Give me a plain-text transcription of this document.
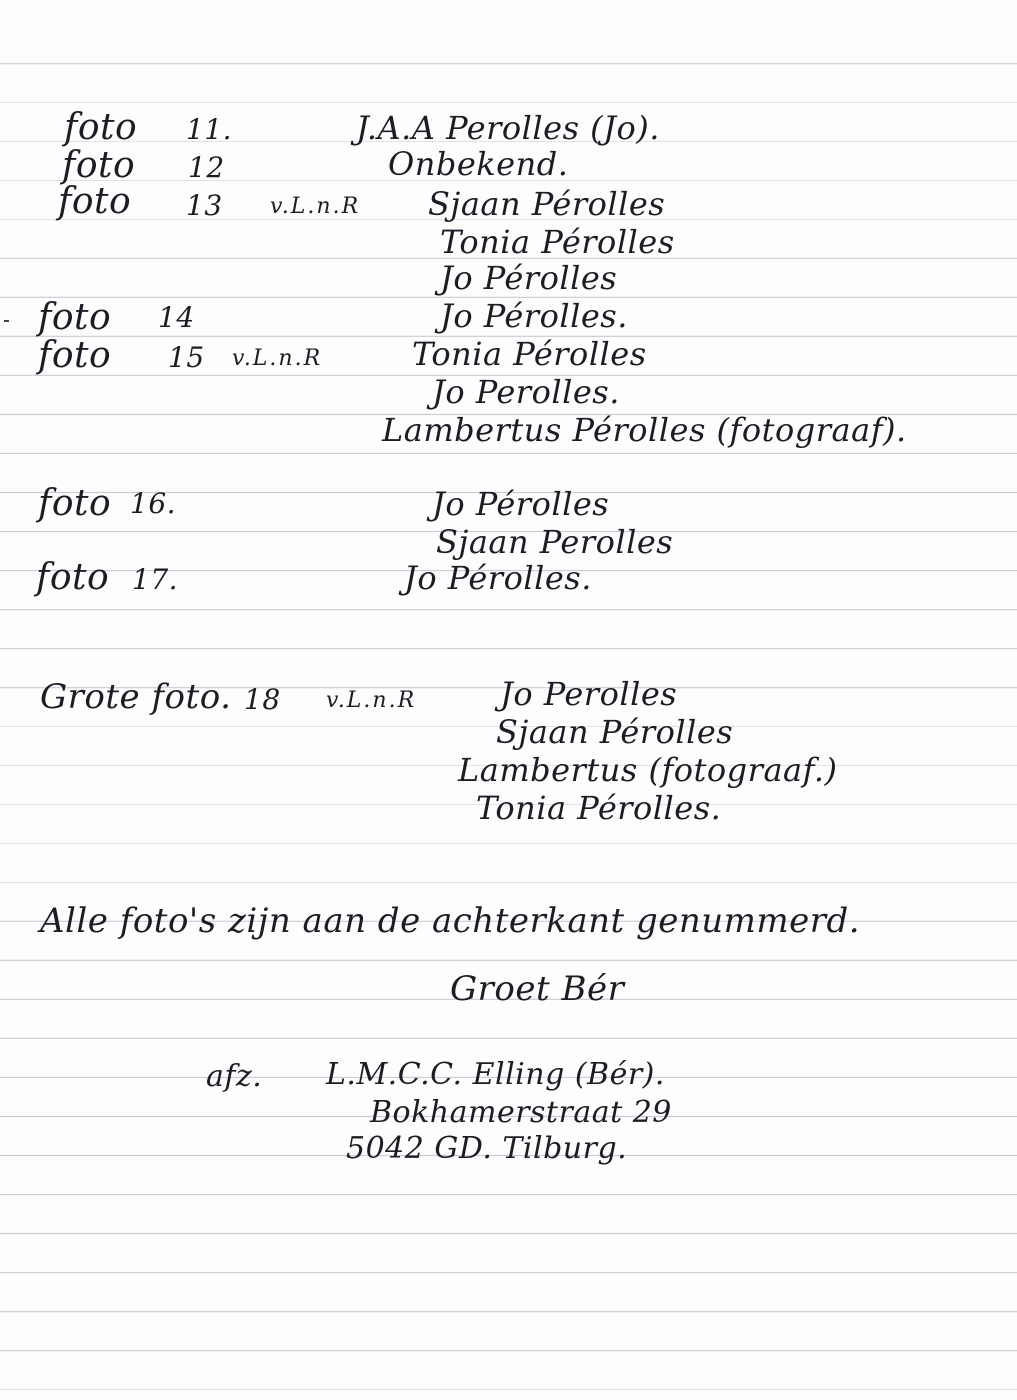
foto 11.	J.A.A Perolles (Jo).
foto 12	Onbekend.
foto 13 v.L.n.R Sjaan Pérolles
Tonia Pérolles
Jo Pérolles
foto 14	Jo Pérolles.
foto 15 v.L.n.R	Tonia Pérolles
Jo Perolles.
Lambertus Pérolles (fotograaf).
foto 16.	Jo Pérolles
Sjaan Perolles
foto 17.	Jo Pérolles.
Grote foto. 18 v.L.n.R	Jo Perolles
Sjaan Pérolles
Lambertus (fotograaf.)
Tonia Pérolles.
Alle foto's zijn aan de achterkant genummerd.
Groet Bér
afz. L.M.C.C. Elling (Bér).
Bokhamerstraat 29
5042 GD. Tilburg.
